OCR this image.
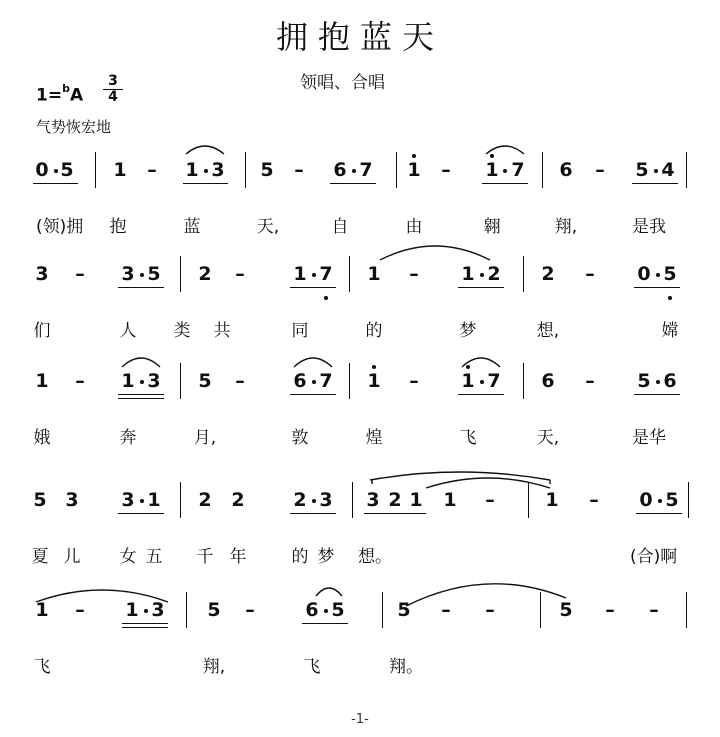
拥抱蓝天
领唱、合唱
1=$^b$A
3
4
气势恢宏地
0 5 1	–	1 3 5	–	6 7 1	–	1 7 6	–	5 4
(领)拥	抱	蓝	天,	自	由	翱	翔,	是我
3	–	3 5 2	–	1 7 1	–	1 2 2	–	0 5
们	人	类	共	同	的	梦	想,	嫦
1	–	1 3 5	–	6 7 1	–	1 7 6	–	5 6
娥	奔	月,	敦	煌	飞	天,	是华
5 3 3 1 2 2	2 3 3 2 1 1	–	1	–	0 5
夏 儿	女 五	千 年	的 梦	想。	(合)啊
1	–	1 3 5	–	6 5	5	–	–	5	–	–
飞	翔,	飞	翔。
-1-
